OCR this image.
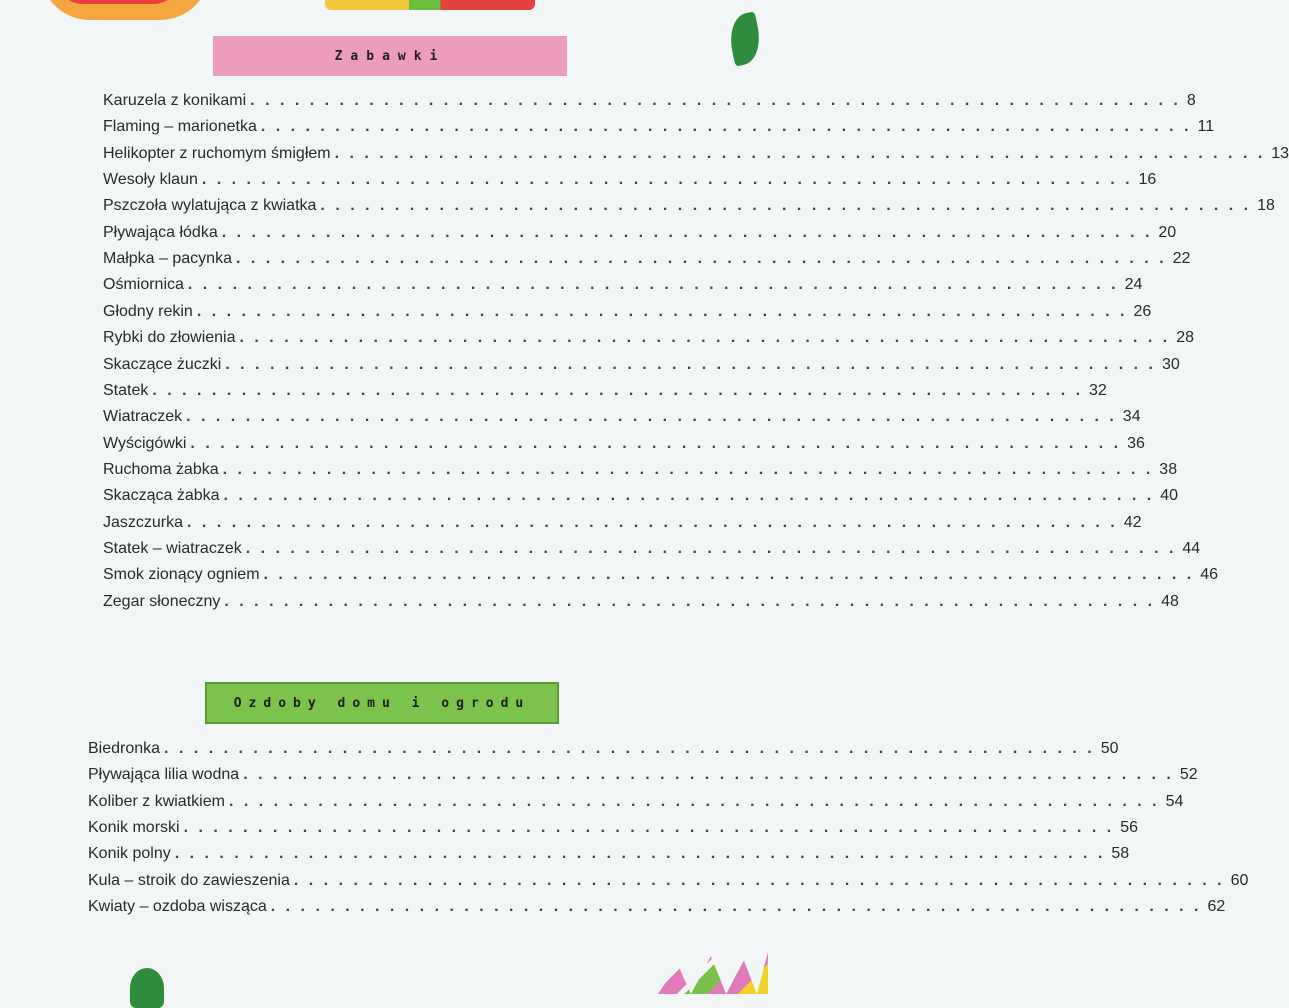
Zabawki
Ozdoby domu i ogrodu
Karuzela z konikami . . . . . . . . . . . . . . . . . . . . . . . . . . . . . . . . . . . . . . . . . . . . . . . . . . . . . . . . . . . . . . . 8
Flaming – marionetka . . . . . . . . . . . . . . . . . . . . . . . . . . . . . . . . . . . . . . . . . . . . . . . . . . . . . . . . . . . . . . . 11
Helikopter z ruchomym śmigłem . . . . . . . . . . . . . . . . . . . . . . . . . . . . . . . . . . . . . . . . . . . . . . . . . . . . . . . . . . . . . . . 13
Wesoły klaun . . . . . . . . . . . . . . . . . . . . . . . . . . . . . . . . . . . . . . . . . . . . . . . . . . . . . . . . . . . . . . . 16
Pszczoła wylatująca z kwiatka . . . . . . . . . . . . . . . . . . . . . . . . . . . . . . . . . . . . . . . . . . . . . . . . . . . . . . . . . . . . . . . 18
Pływająca łódka . . . . . . . . . . . . . . . . . . . . . . . . . . . . . . . . . . . . . . . . . . . . . . . . . . . . . . . . . . . . . . . 20
Małpka – pacynka . . . . . . . . . . . . . . . . . . . . . . . . . . . . . . . . . . . . . . . . . . . . . . . . . . . . . . . . . . . . . . . 22
Ośmiornica . . . . . . . . . . . . . . . . . . . . . . . . . . . . . . . . . . . . . . . . . . . . . . . . . . . . . . . . . . . . . . . 24
Głodny rekin . . . . . . . . . . . . . . . . . . . . . . . . . . . . . . . . . . . . . . . . . . . . . . . . . . . . . . . . . . . . . . . 26
Rybki do złowienia . . . . . . . . . . . . . . . . . . . . . . . . . . . . . . . . . . . . . . . . . . . . . . . . . . . . . . . . . . . . . . . 28
Skaczące żuczki . . . . . . . . . . . . . . . . . . . . . . . . . . . . . . . . . . . . . . . . . . . . . . . . . . . . . . . . . . . . . . . 30
Statek . . . . . . . . . . . . . . . . . . . . . . . . . . . . . . . . . . . . . . . . . . . . . . . . . . . . . . . . . . . . . . . 32
Wiatraczek . . . . . . . . . . . . . . . . . . . . . . . . . . . . . . . . . . . . . . . . . . . . . . . . . . . . . . . . . . . . . . . 34
Wyścigówki . . . . . . . . . . . . . . . . . . . . . . . . . . . . . . . . . . . . . . . . . . . . . . . . . . . . . . . . . . . . . . . 36
Ruchoma żabka . . . . . . . . . . . . . . . . . . . . . . . . . . . . . . . . . . . . . . . . . . . . . . . . . . . . . . . . . . . . . . . 38
Skacząca żabka . . . . . . . . . . . . . . . . . . . . . . . . . . . . . . . . . . . . . . . . . . . . . . . . . . . . . . . . . . . . . . . 40
Jaszczurka . . . . . . . . . . . . . . . . . . . . . . . . . . . . . . . . . . . . . . . . . . . . . . . . . . . . . . . . . . . . . . . 42
Statek – wiatraczek . . . . . . . . . . . . . . . . . . . . . . . . . . . . . . . . . . . . . . . . . . . . . . . . . . . . . . . . . . . . . . . 44
Smok zionący ogniem . . . . . . . . . . . . . . . . . . . . . . . . . . . . . . . . . . . . . . . . . . . . . . . . . . . . . . . . . . . . . . . 46
Zegar słoneczny . . . . . . . . . . . . . . . . . . . . . . . . . . . . . . . . . . . . . . . . . . . . . . . . . . . . . . . . . . . . . . . 48
Biedronka . . . . . . . . . . . . . . . . . . . . . . . . . . . . . . . . . . . . . . . . . . . . . . . . . . . . . . . . . . . . . . . 50
Pływająca lilia wodna . . . . . . . . . . . . . . . . . . . . . . . . . . . . . . . . . . . . . . . . . . . . . . . . . . . . . . . . . . . . . . . 52
Koliber z kwiatkiem . . . . . . . . . . . . . . . . . . . . . . . . . . . . . . . . . . . . . . . . . . . . . . . . . . . . . . . . . . . . . . . 54
Konik morski . . . . . . . . . . . . . . . . . . . . . . . . . . . . . . . . . . . . . . . . . . . . . . . . . . . . . . . . . . . . . . . 56
Konik polny . . . . . . . . . . . . . . . . . . . . . . . . . . . . . . . . . . . . . . . . . . . . . . . . . . . . . . . . . . . . . . . 58
Kula – stroik do zawieszenia . . . . . . . . . . . . . . . . . . . . . . . . . . . . . . . . . . . . . . . . . . . . . . . . . . . . . . . . . . . . . . . 60
Kwiaty – ozdoba wisząca . . . . . . . . . . . . . . . . . . . . . . . . . . . . . . . . . . . . . . . . . . . . . . . . . . . . . . . . . . . . . . . 62
